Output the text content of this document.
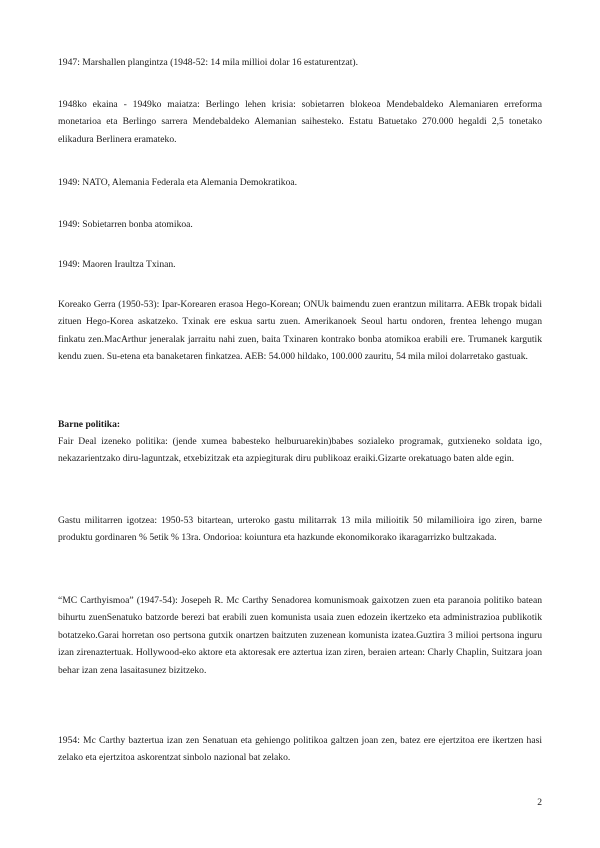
1947: Marshallen plangintza (1948-52: 14 mila millioi dolar 16 estaturentzat).

1948ko ekaina - 1949ko maiatza: Berlingo lehen krisia: sobietarren blokeoa Mendebaldeko Alemaniaren erreforma monetarioa eta Berlingo sarrera Mendebaldeko Alemanian saihesteko. Estatu Batuetako 270.000 hegaldi 2,5 tonetako elikadura Berlinera eramateko.

1949: NATO, Alemania Federala eta Alemania Demokratikoa.

1949: Sobietarren bonba atomikoa.

1949: Maoren Iraultza Txinan.

Koreako Gerra (1950-53): Ipar-Korearen erasoa Hego-Korean; ONUk baimendu zuen erantzun militarra. AEBk tropak bidali zituen Hego-Korea askatzeko. Txinak ere eskua sartu zuen. Amerikanoek Seoul hartu ondoren, frentea lehengo mugan finkatu zen.MacArthur jeneralak jarraitu nahi zuen, baita Txinaren kontrako bonba atomikoa erabili ere. Trumanek kargutik kendu zuen. Su-etena eta banaketaren finkatzea. AEB: 54.000 hildako, 100.000 zauritu, 54 mila miloi dolarretako gastuak.

Barne politika:

Fair Deal izeneko politika: (jende xumea babesteko helburuarekin)babes sozialeko programak, gutxieneko soldata igo, nekazarientzako diru-laguntzak, etxebizitzak eta azpiegiturak diru publikoaz eraiki.Gizarte orekatuago baten alde egin.

Gastu militarren igotzea: 1950-53 bitartean, urteroko gastu militarrak 13 mila milioitik 50 milamilioira igo ziren, barne produktu gordinaren % 5etik % 13ra. Ondorioa: koiuntura eta hazkunde ekonomikorako ikaragarrizko bultzakada.

“MC Carthyismoa” (1947-54): Josepeh R. Mc Carthy Senadorea komunismoak gaixotzen zuen eta paranoia politiko batean bihurtu zuenSenatuko batzorde berezi bat erabili zuen komunista usaia zuen edozein ikertzeko eta administrazioa publikotik botatzeko.Garai horretan oso pertsona gutxik onartzen baitzuten zuzenean komunista izatea.Guztira 3 milioi pertsona inguru izan zirenaztertuak. Hollywood-eko aktore eta aktoresak ere aztertua izan ziren, beraien artean: Charly Chaplin, Suitzara joan behar izan zena lasaitasunez bizitzeko.

1954: Mc Carthy baztertua izan zen Senatuan eta gehiengo politikoa galtzen joan zen, batez ere ejertzitoa ere ikertzen hasi zelako eta ejertzitoa askorentzat sinbolo nazional bat zelako.

2
